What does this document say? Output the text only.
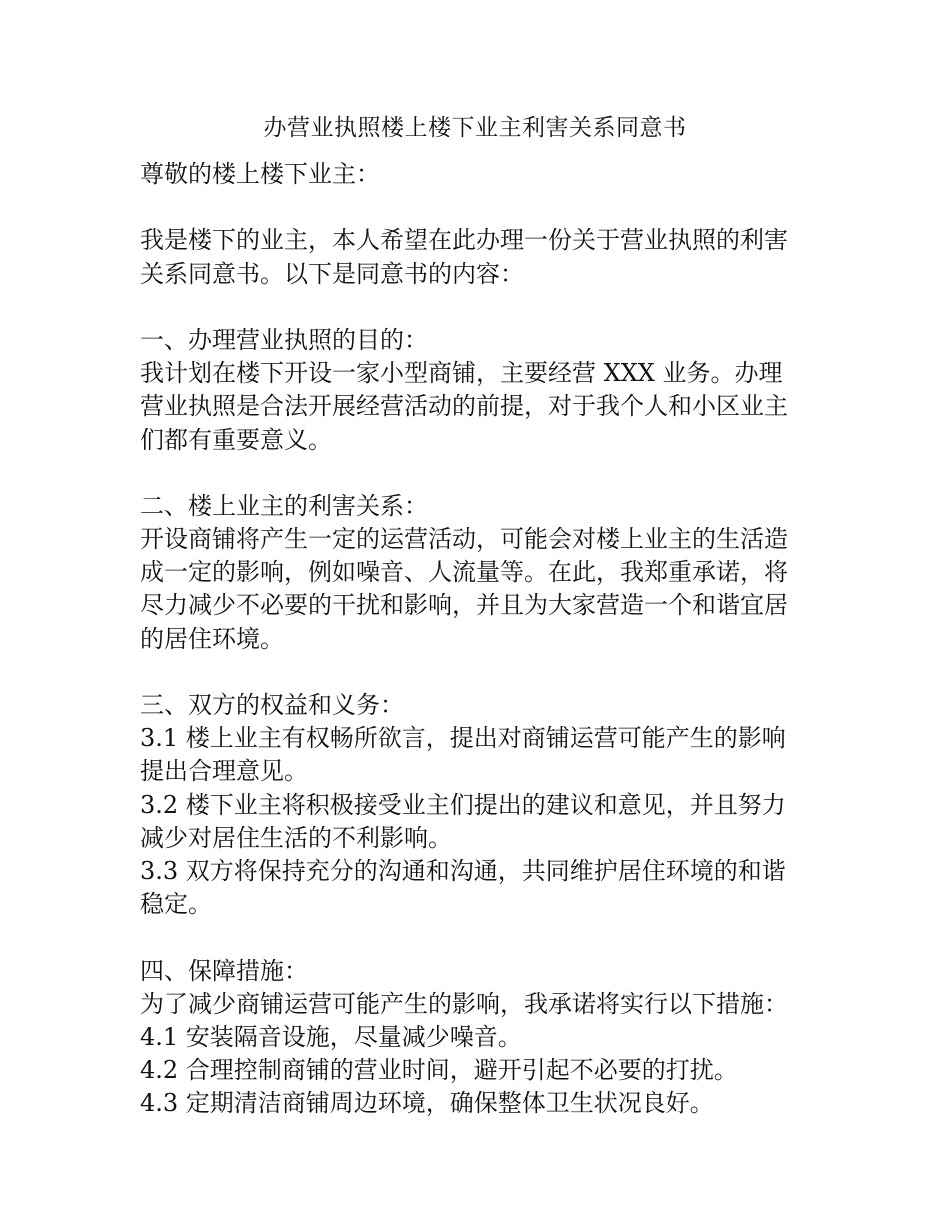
办营业执照楼上楼下业主利害关系同意书
尊敬的楼上楼下业主：
我是楼下的业主，本人希望在此办理一份关于营业执照的利害
关系同意书。以下是同意书的内容：
一、办理营业执照的目的：
我计划在楼下开设一家小型商铺，主要经营 XXX 业务。办理
营业执照是合法开展经营活动的前提，对于我个人和小区业主
们都有重要意义。
二、楼上业主的利害关系：
开设商铺将产生一定的运营活动，可能会对楼上业主的生活造
成一定的影响，例如噪音、人流量等。在此，我郑重承诺，将
尽力减少不必要的干扰和影响，并且为大家营造一个和谐宜居
的居住环境。
三、双方的权益和义务：
3.1 楼上业主有权畅所欲言，提出对商铺运营可能产生的影响
提出合理意见。
3.2 楼下业主将积极接受业主们提出的建议和意见，并且努力
减少对居住生活的不利影响。
3.3 双方将保持充分的沟通和沟通，共同维护居住环境的和谐
稳定。
四、保障措施：
为了减少商铺运营可能产生的影响，我承诺将实行以下措施：
4.1 安装隔音设施，尽量减少噪音。
4.2 合理控制商铺的营业时间，避开引起不必要的打扰。
4.3 定期清洁商铺周边环境，确保整体卫生状况良好。
